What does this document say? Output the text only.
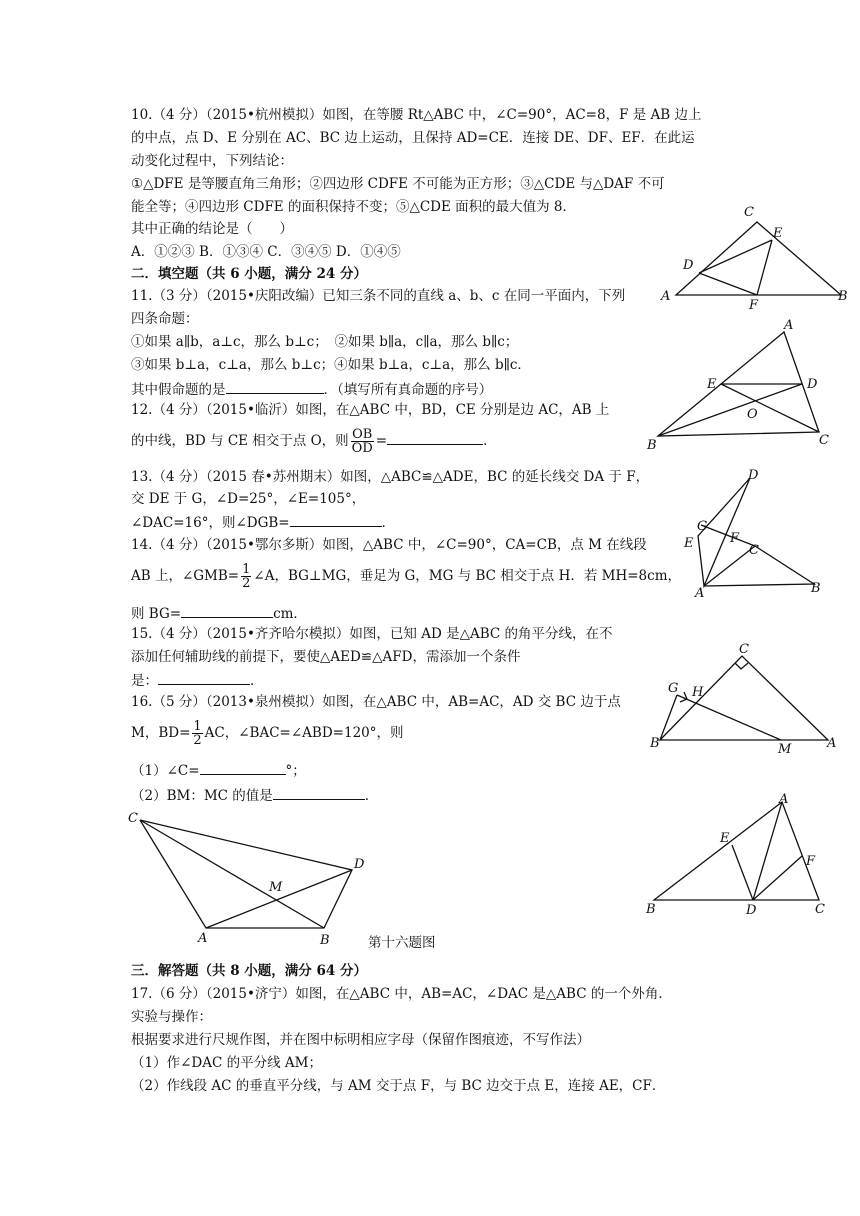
10.（4 分）（2015•杭州模拟）如图，在等腰 Rt△ABC 中，∠C=90°，AC=8，F 是 AB 边上
的中点，点 D、E 分别在 AC、BC 边上运动，且保持 AD=CE．连接 DE、DF、EF．在此运
动变化过程中，下列结论：
①△DFE 是等腰直角三角形；②四边形 CDFE 不可能为正方形；③△CDE 与△DAF 不可
能全等；④四边形 CDFE 的面积保持不变；⑤△CDE 面积的最大值为 8．
其中正确的结论是（　　）
A．①②③ B．①③④ C．③④⑤ D．①④⑤
C
E
D
A
F
B
二．填空题（共 6 小题，满分 24 分）
11.（3 分）（2015•庆阳改编）已知三条不同的直线 a、b、c 在同一平面内，下列
四条命题：
①如果 a∥b，a⊥c，那么 b⊥c；　②如果 b∥a，c∥a，那么 b∥c；
③如果 b⊥a，c⊥a，那么 b⊥c；④如果 b⊥a，c⊥a，那么 b∥c．
其中假命题的是	．（填写所有真命题的序号）
A
E	D
O
B	C
12.（4 分）（2015•临沂）如图，在△ABC 中，BD，CE 分别是边 AC，AB 上
的中线，BD 与 CE 相交于点 O，则 $\frac{OB}{OD}$ =	．
13.（4 分）（2015 春•苏州期末）如图，△ABC≌△ADE，BC 的延长线交 DA 于 F，
交 DE 于 G，∠D=25°，∠E=105°，
∠DAC=16°，则∠DGB=	．
D
G
F
E	C
A	B
14.（4 分）（2015•鄂尔多斯）如图，△ABC 中，∠C=90°，CA=CB，点 M 在线段
AB 上，∠GMB= $\frac{1}{2}$ ∠A，BG⊥MG，垂足为 G，MG 与 BC 相交于点 H．若 MH=8cm，
则 BG=	cm．
15.（4 分）（2015•齐齐哈尔模拟）如图，已知 AD 是△ABC 的角平分线，在不
添加任何辅助线的前提下，要使△AED≌△AFD，需添加一个条件
是：	．
C
G H
B	M	A
16.（5 分）（2013•泉州模拟）如图，在△ABC 中，AB=AC，AD 交 BC 边于点
M，$BD= \frac{1}{2}$ AC，∠BAC=∠ABD=120°，则
（1）∠C=	°；
（2）BM：MC 的值是	．
C
D
M
A	B	第十六题图
A
E
F
B	D	C
三．解答题（共 8 小题，满分 64 分）
17.（6 分）（2015•济宁）如图，在△ABC 中，AB=AC，∠DAC 是△ABC 的一个外角．
实验与操作：
根据要求进行尺规作图，并在图中标明相应字母（保留作图痕迹，不写作法）
（1）作∠DAC 的平分线 AM；
（2）作线段 AC 的垂直平分线，与 AM 交于点 F，与 BC 边交于点 E，连接 AE，CF．
